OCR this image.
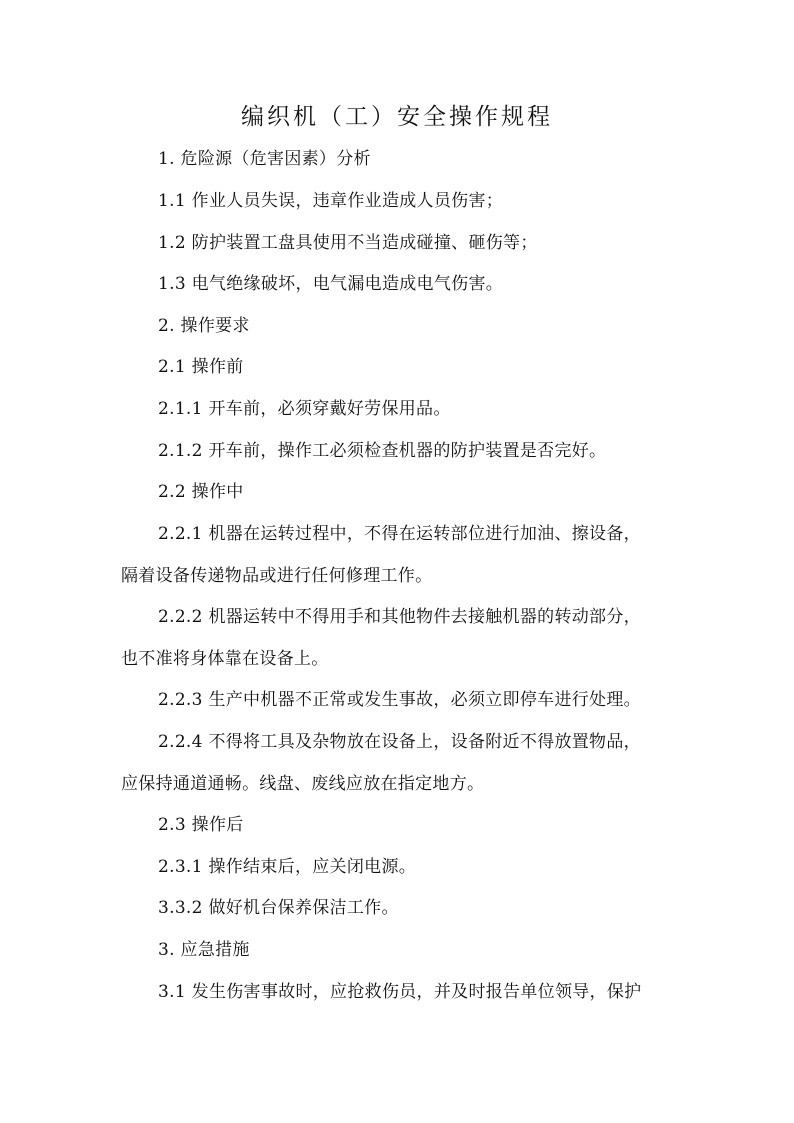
编织机（工）安全操作规程

1. 危险源（危害因素）分析

1.1 作业人员失误，违章作业造成人员伤害；

1.2 防护装置工盘具使用不当造成碰撞、砸伤等；

1.3 电气绝缘破坏，电气漏电造成电气伤害。

2. 操作要求

2.1 操作前

2.1.1 开车前，必须穿戴好劳保用品。

2.1.2 开车前，操作工必须检查机器的防护装置是否完好。

2.2 操作中

2.2.1 机器在运转过程中，不得在运转部位进行加油、擦设备，

隔着设备传递物品或进行任何修理工作。

2.2.2 机器运转中不得用手和其他物件去接触机器的转动部分，

也不准将身体靠在设备上。

2.2.3 生产中机器不正常或发生事故，必须立即停车进行处理。

2.2.4 不得将工具及杂物放在设备上，设备附近不得放置物品，

应保持通道通畅。线盘、废线应放在指定地方。

2.3 操作后

2.3.1 操作结束后，应关闭电源。

3.3.2 做好机台保养保洁工作。

3. 应急措施

3.1 发生伤害事故时，应抢救伤员，并及时报告单位领导，保护
